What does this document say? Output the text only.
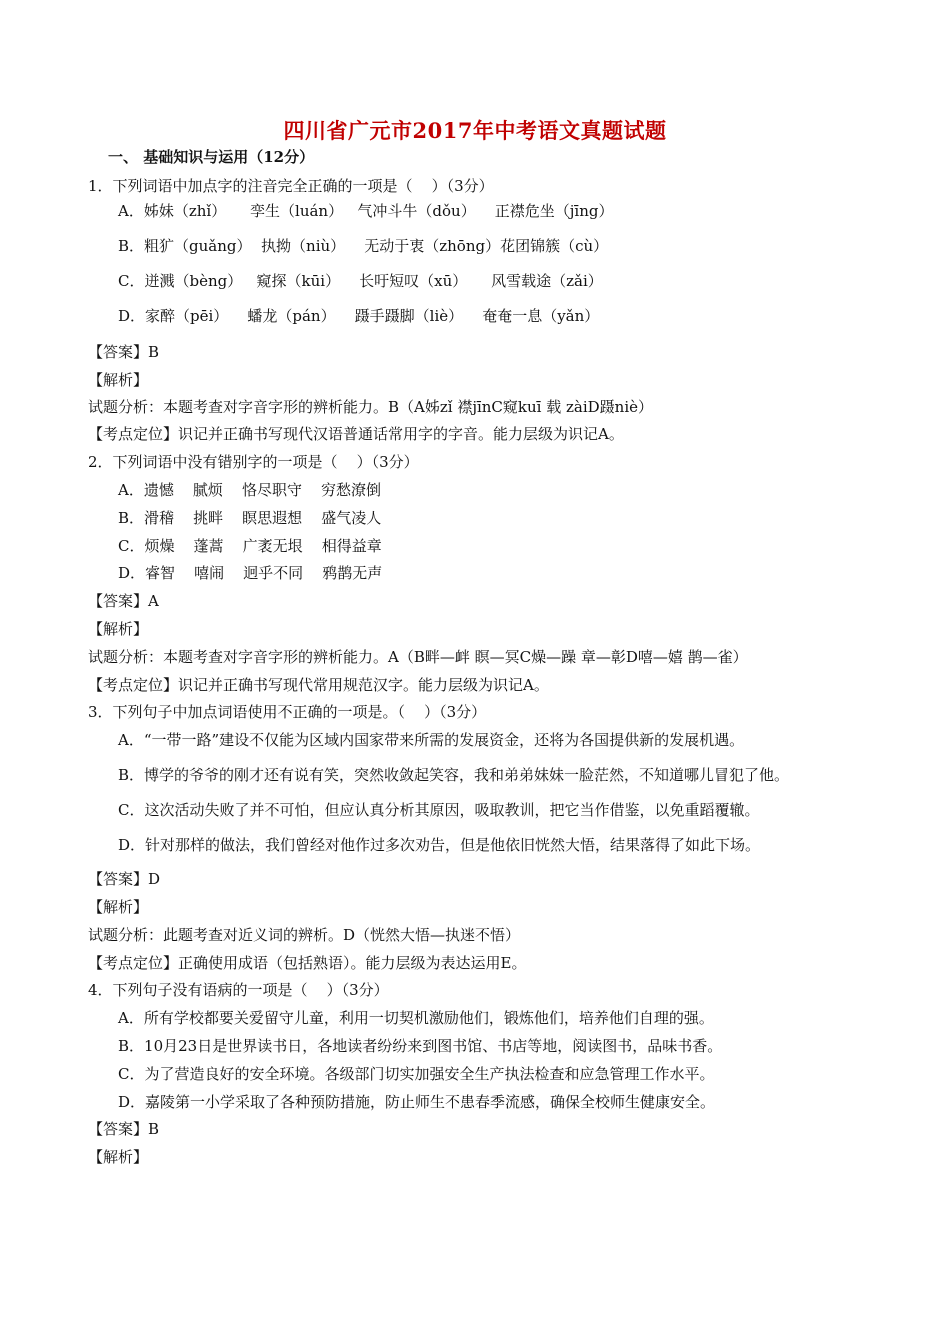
四川省广元市2017年中考语文真题试题
一、 基础知识与运用（12分）
1．下列词语中加点字的注音完全正确的一项是（    ）（3分）
A．姊妹（zhǐ）     孪生（luán）   气冲斗牛（dǒu）    正襟危坐（jīng）
B．粗犷（guǎng）  执拗（niù）    无动于衷（zhōng）花团锦簇（cù）
C．迸溅（bèng）   窥探（kūi）    长吁短叹（xū）     风雪载途（zǎi）
D．家醉（pēi）    蟠龙（pán）    蹑手蹑脚（liè）    奄奄一息（yǎn）
【答案】B
【解析】
试题分析：本题考查对字音字形的辨析能力。B（A姊zǐ 襟jīnC窥kuī 载 zàiD蹑niè）
【考点定位】识记并正确书写现代汉语普通话常用字的字音。能力层级为识记A。
2．下列词语中没有错别字的一项是（    ）（3分）
A．遗憾    腻烦    恪尽职守    穷愁潦倒
B．滑稽    挑畔    瞑思遐想    盛气凌人
C．烦燥    蓬蒿    广袤无垠    相得益章
D．睿智    嘻闹    迥乎不同    鸦鹊无声
【答案】A
【解析】
试题分析：本题考查对字音字形的辨析能力。A（B畔—衅 瞑—冥C燥—躁 章—彰D嘻—嬉 鹊—雀）
【考点定位】识记并正确书写现代常用规范汉字。能力层级为识记A。
3．下列句子中加点词语使用不正确的一项是。（    ）（3分）
A．“一带一路”建设不仅能为区域内国家带来所需的发展资金，还将为各国提供新的发展机遇。
B．博学的爷爷的刚才还有说有笑，突然收敛起笑容，我和弟弟妹妹一脸茫然，不知道哪儿冒犯了他。
C．这次活动失败了并不可怕，但应认真分析其原因，吸取教训，把它当作借鉴，以免重蹈覆辙。
D．针对那样的做法，我们曾经对他作过多次劝告，但是他依旧恍然大悟，结果落得了如此下场。
【答案】D
【解析】
试题分析：此题考查对近义词的辨析。D（恍然大悟—执迷不悟）
【考点定位】正确使用成语（包括熟语）。能力层级为表达运用E。
4．下列句子没有语病的一项是（    ）（3分）
A．所有学校都要关爱留守儿童，利用一切契机激励他们，锻炼他们，培养他们自理的强。
B．10月23日是世界读书日，各地读者纷纷来到图书馆、书店等地，阅读图书，品味书香。
C．为了营造良好的安全环境。各级部门切实加强安全生产执法检查和应急管理工作水平。
D．嘉陵第一小学采取了各种预防措施，防止师生不患春季流感，确保全校师生健康安全。
【答案】B
【解析】
